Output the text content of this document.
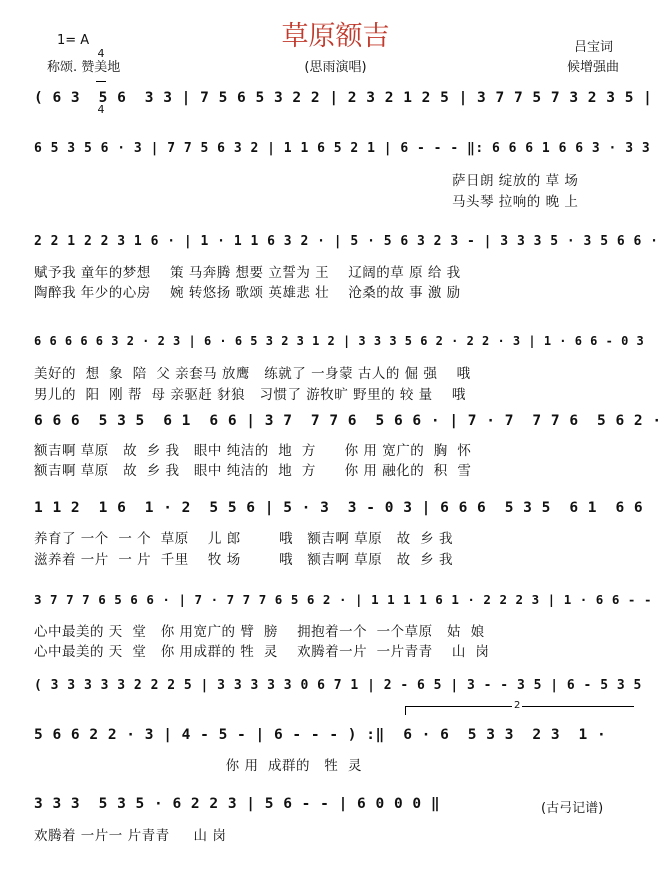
草原额吉
1= A

4

4

称颂. 赞美地	(思雨演唱)
吕宝词
候增强曲
( 6 3  5 6  3 3 | 7 5 6 5 3 2 2 | 2 3 2 1 2 5 | 3 7 7 5 7 3 2 3 5 |
6 5 3 5 6 · 3 | 7 7 5 6 3 2 | 1 1 6 5 2 1 | 6 - - - ‖: 6 6 6 1 6 6 3 · 3 3
萨日朗 绽放的 草 场
马头琴 拉响的 晚 上
2 2 1 2 2 3 1 6 · | 1 · 1 1 6 3 2 · | 5 · 5 6 3 2 3 - | 3 3 3 5 · 3 5 6 6 ·
赋予我 童年的梦想    策 马奔腾 想要 立誓为 王    辽阔的草 原 给 我
陶醉我 年少的心房    婉 转悠扬 歌颂 英雄悲 壮    沧桑的故 事 激 励
6 6 6 6 6 3 2 · 2 3 | 6 · 6 5 3 2 3 1 2 | 3 3 3 5 6 2 · 2 2 · 3 | 1 · 6 6 - 0 3
美好的  想  象  陪  父 亲套马 放鹰   练就了 一身蒙 古人的 倔 强    哦
男儿的  阳  刚 帮  母 亲驱赶 豺狼   习惯了 游牧旷 野里的 较 量    哦
6 6 6  5 3 5  6 1  6 6 | 3 7  7 7 6  5 6 6 · | 7 · 7  7 7 6  5 6 2 ·
额吉啊 草原   故  乡 我   眼中 纯洁的  地  方      你 用 宽广的  胸  怀
额吉啊 草原   故  乡 我   眼中 纯洁的  地  方      你 用 融化的  积  雪
1 1 2  1 6  1 · 2  5 5 6 | 5 · 3  3 - 0 3 | 6 6 6  5 3 5  6 1  6 6
养育了 一个  一 个  草原    儿 郎        哦   额吉啊 草原   故  乡 我
滋养着 一片  一 片  千里    牧 场        哦   额吉啊 草原   故  乡 我
3 7 7 7 6 5 6 6 · | 7 · 7 7 7 6 5 6 2 · | 1 1 1 1 6 1 · 2 2 2 3 | 1 · 6 6 - -
心中最美的 天  堂   你 用宽广的 臂  膀    拥抱着一个  一个草原   姑  娘
心中最美的 天  堂   你 用成群的 牲  灵    欢腾着一片  一片青青    山  岗
( 3 3 3 3 3 2 2 2 5 | 3 3 3 3 3 0 6 7 1 | 2 - 6 5 | 3 - - 3 5 | 6 - 5 3 5
2
5 6 6 2 2 · 3 | 4 - 5 - | 6 - - - ) :‖  6 · 6  5 3 3  2 3  1 ·
你 用  成群的   牲  灵
3 3 3  5 3 5 · 6 2 2 3 | 5 6 - - | 6 0 0 0 ‖
欢腾着 一片一 片青青     山 岗
(古弓记谱)
